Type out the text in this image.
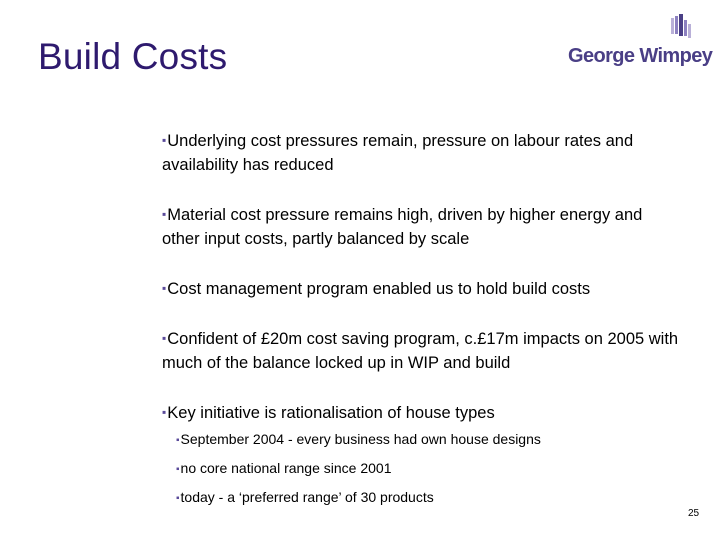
Build Costs	George Wimpey
▪Underlying cost pressures remain, pressure on labour rates and availability has reduced
▪Material cost pressure remains high, driven by higher energy and other input costs, partly balanced by scale
▪Cost management program enabled us to hold build costs
▪Confident of £20m cost saving program, c.£17m impacts on 2005 with much of the balance locked up in WIP and build
▪Key initiative is rationalisation of house types
▪September 2004 - every business had own house designs
▪no core national range since 2001
▪today - a ‘preferred range’ of 30 products
25
